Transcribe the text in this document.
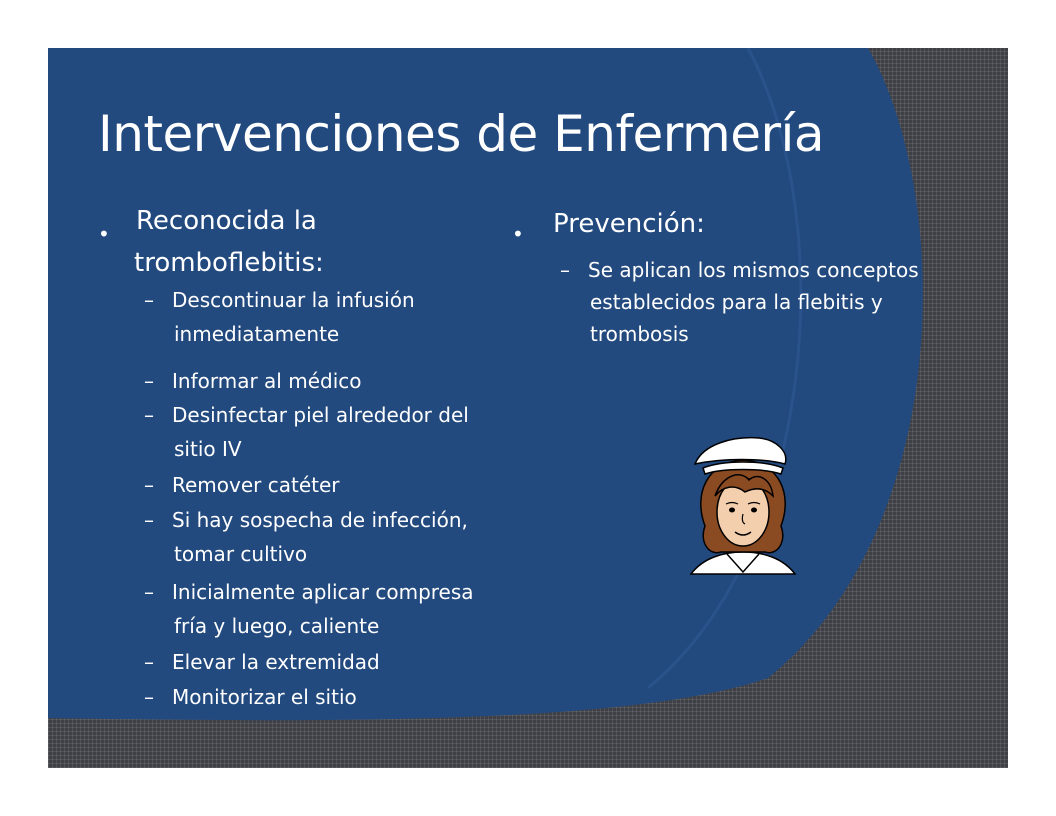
Intervenciones de Enfermería
• Reconocida la
tromboflebitis:
– Descontinuar la infusión
inmediatamente
– Informar al médico
– Desinfectar piel alrededor del
sitio IV
– Remover catéter
– Si hay sospecha de infección,
tomar cultivo
– Inicialmente aplicar compresa
fría y luego, caliente
– Elevar la extremidad
– Monitorizar el sitio
• Prevención:
– Se aplican los mismos conceptos
establecidos para la flebitis y
trombosis
